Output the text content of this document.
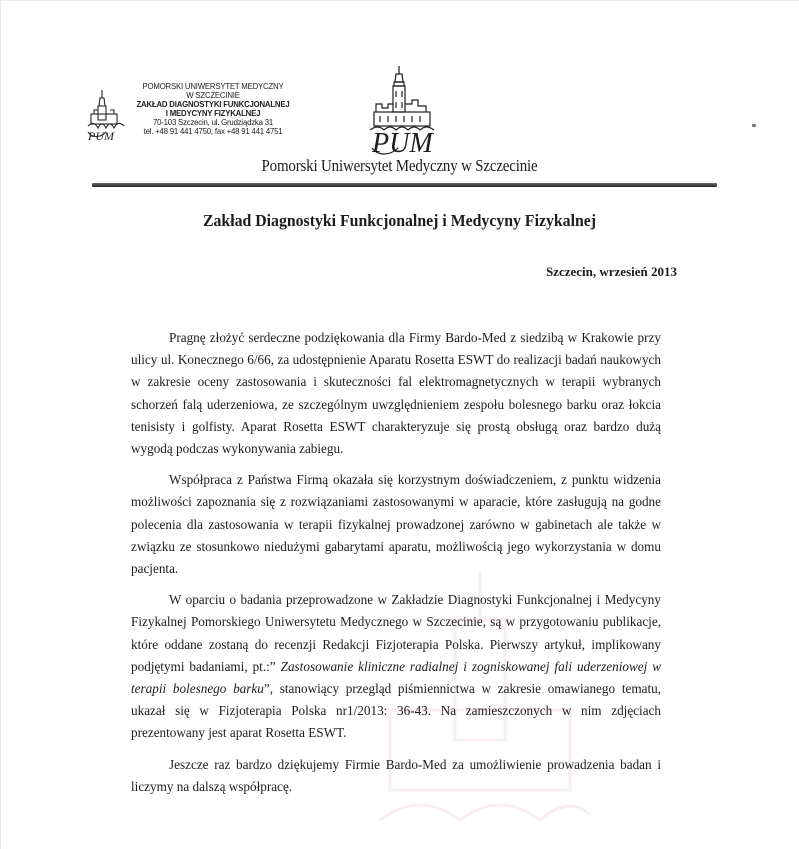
PUM
POMORSKI UNIWERSYTET MEDYCZNY
W SZCZECINIE
ZAKŁAD DIAGNOSTYKI FUNKCJONALNEJ
I MEDYCYNY FIZYKALNEJ
70-103 Szczecin, ul. Grudziądzka 31
tel. +48 91 441 4750, fax +48 91 441 4751	PUM
Pomorski Uniwersytet Medyczny w Szczecinie
Zakład Diagnostyki Funkcjonalnej i Medycyny Fizykalnej
Szczecin, wrzesień 2013

Pragnę złożyć serdeczne podziękowania dla Firmy Bardo-Med z siedzibą w Krakowie przy ulicy ul. Konecznego 6/66, za udostępnienie Aparatu Rosetta ESWT do realizacji badań naukowych w zakresie oceny zastosowania i skuteczności fal elektromagnetycznych w terapii wybranych schorzeń falą uderzeniowa, ze szczególnym uwzględnieniem zespołu bolesnego barku oraz łokcia tenisisty i golfisty. Aparat Rosetta ESWT charakteryzuje się prostą obsługą oraz bardzo dużą wygodą podczas wykonywania zabiegu.

Współpraca z Państwa Firmą okazała się korzystnym doświadczeniem, z punktu widzenia możliwości zapoznania się z rozwiązaniami zastosowanymi w aparacie, które zasługują na godne polecenia dla zastosowania w terapii fizykalnej prowadzonej zarówno w gabinetach ale także w związku ze stosunkowo niedużymi gabarytami aparatu, możliwością jego wykorzystania w domu pacjenta.

W oparciu o badania przeprowadzone w Zakładzie Diagnostyki Funkcjonalnej i Medycyny Fizykalnej Pomorskiego Uniwersytetu Medycznego w Szczecinie, są w przygotowaniu publikacje, które oddane zostaną do recenzji Redakcji Fizjoterapia Polska. Pierwszy artykuł, implikowany podjętymi badaniami, pt.:” Zastosowanie kliniczne radialnej i zogniskowanej fali uderzeniowej w terapii bolesnego barku”, stanowiący przegląd piśmiennictwa w zakresie omawianego tematu, ukazał się w Fizjoterapia Polska nr1/2013: 36-43. Na zamieszczonych w nim zdjęciach prezentowany jest aparat Rosetta ESWT.

Jeszcze raz bardzo dziękujemy Firmie Bardo-Med za umożliwienie prowadzenia badan i liczymy na dalszą współpracę.
